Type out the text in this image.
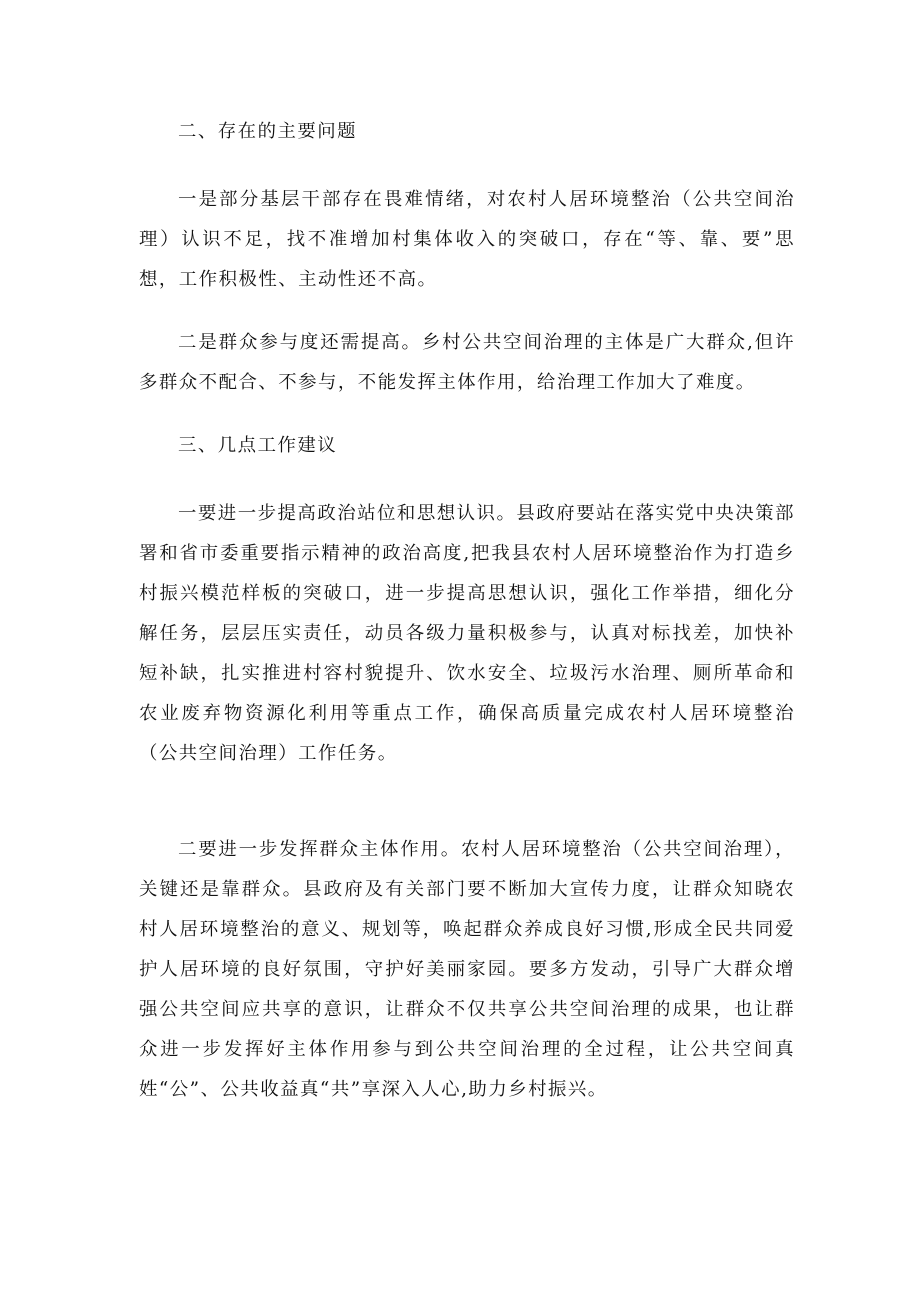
二、存在的主要问题

一是部分基层干部存在畏难情绪，对农村人居环境整治（公共空间治理）认识不足，找不准增加村集体收入的突破口，存在“等、靠、要”思想，工作积极性、主动性还不高。

二是群众参与度还需提高。乡村公共空间治理的主体是广大群众,但许多群众不配合、不参与，不能发挥主体作用，给治理工作加大了难度。

三、几点工作建议

一要进一步提高政治站位和思想认识。县政府要站在落实党中央决策部署和省市委重要指示精神的政治高度,把我县农村人居环境整治作为打造乡村振兴模范样板的突破口，进一步提高思想认识，强化工作举措，细化分解任务，层层压实责任，动员各级力量积极参与，认真对标找差，加快补短补缺，扎实推进村容村貌提升、饮水安全、垃圾污水治理、厕所革命和农业废弃物资源化利用等重点工作，确保高质量完成农村人居环境整治（公共空间治理）工作任务。

二要进一步发挥群众主体作用。农村人居环境整治（公共空间治理），关键还是靠群众。县政府及有关部门要不断加大宣传力度，让群众知晓农村人居环境整治的意义、规划等，唤起群众养成良好习惯,形成全民共同爱护人居环境的良好氛围，守护好美丽家园。要多方发动，引导广大群众增强公共空间应共享的意识，让群众不仅共享公共空间治理的成果，也让群众进一步发挥好主体作用参与到公共空间治理的全过程，让公共空间真姓“公”、公共收益真“共”享深入人心,助力乡村振兴。
